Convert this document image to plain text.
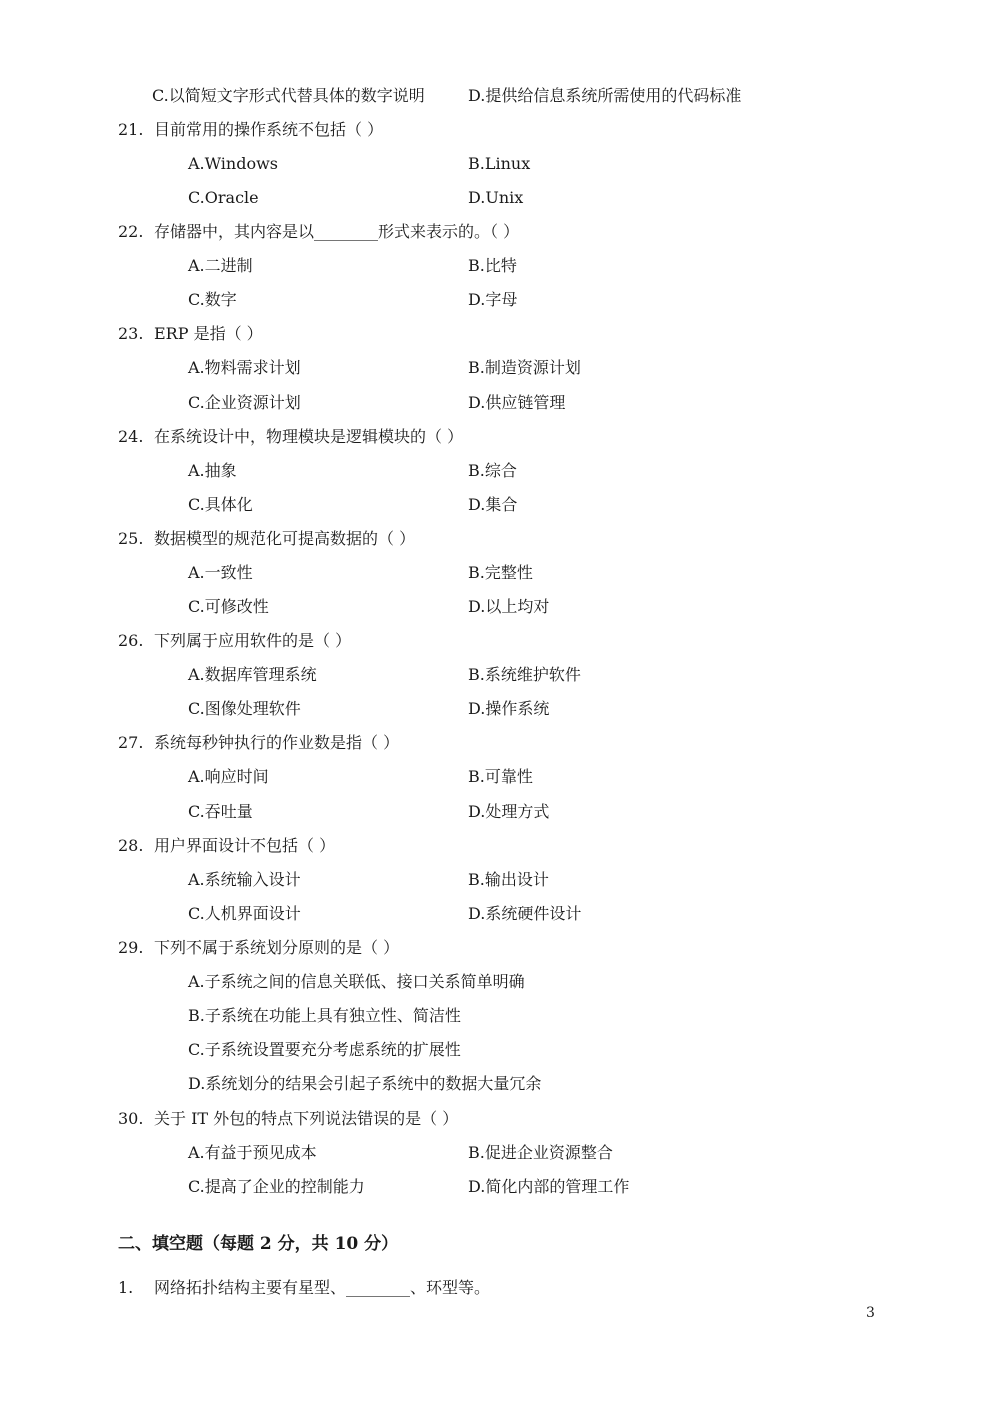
C.以简短文字形式代替具体的数字说明	D.提供给信息系统所需使用的代码标准
21. 目前常用的操作系统不包括（ ）
A.Windows	B.Linux
C.Oracle	D.Unix
22. 存储器中，其内容是以________形式来表示的。（ ）
A.二进制	B.比特
C.数字	D.字母
23. ERP 是指（ ）
A.物料需求计划	B.制造资源计划
C.企业资源计划	D.供应链管理
24. 在系统设计中，物理模块是逻辑模块的（ ）
A.抽象	B.综合
C.具体化	D.集合
25. 数据模型的规范化可提高数据的（ ）
A.一致性	B.完整性
C.可修改性	D.以上均对
26. 下列属于应用软件的是（ ）
A.数据库管理系统	B.系统维护软件
C.图像处理软件	D.操作系统
27. 系统每秒钟执行的作业数是指（ ）
A.响应时间	B.可靠性
C.吞吐量	D.处理方式
28. 用户界面设计不包括（ ）
A.系统输入设计	B.输出设计
C.人机界面设计	D.系统硬件设计
29. 下列不属于系统划分原则的是（ ）
A.子系统之间的信息关联低、接口关系简单明确
B.子系统在功能上具有独立性、简洁性
C.子系统设置要充分考虑系统的扩展性
D.系统划分的结果会引起子系统中的数据大量冗余
30. 关于 IT 外包的特点下列说法错误的是（ ）
A.有益于预见成本	B.促进企业资源整合
C.提高了企业的控制能力	D.简化内部的管理工作
二、填空题（每题 2 分，共 10 分）
1. 网络拓扑结构主要有星型、________、环型等。
3
